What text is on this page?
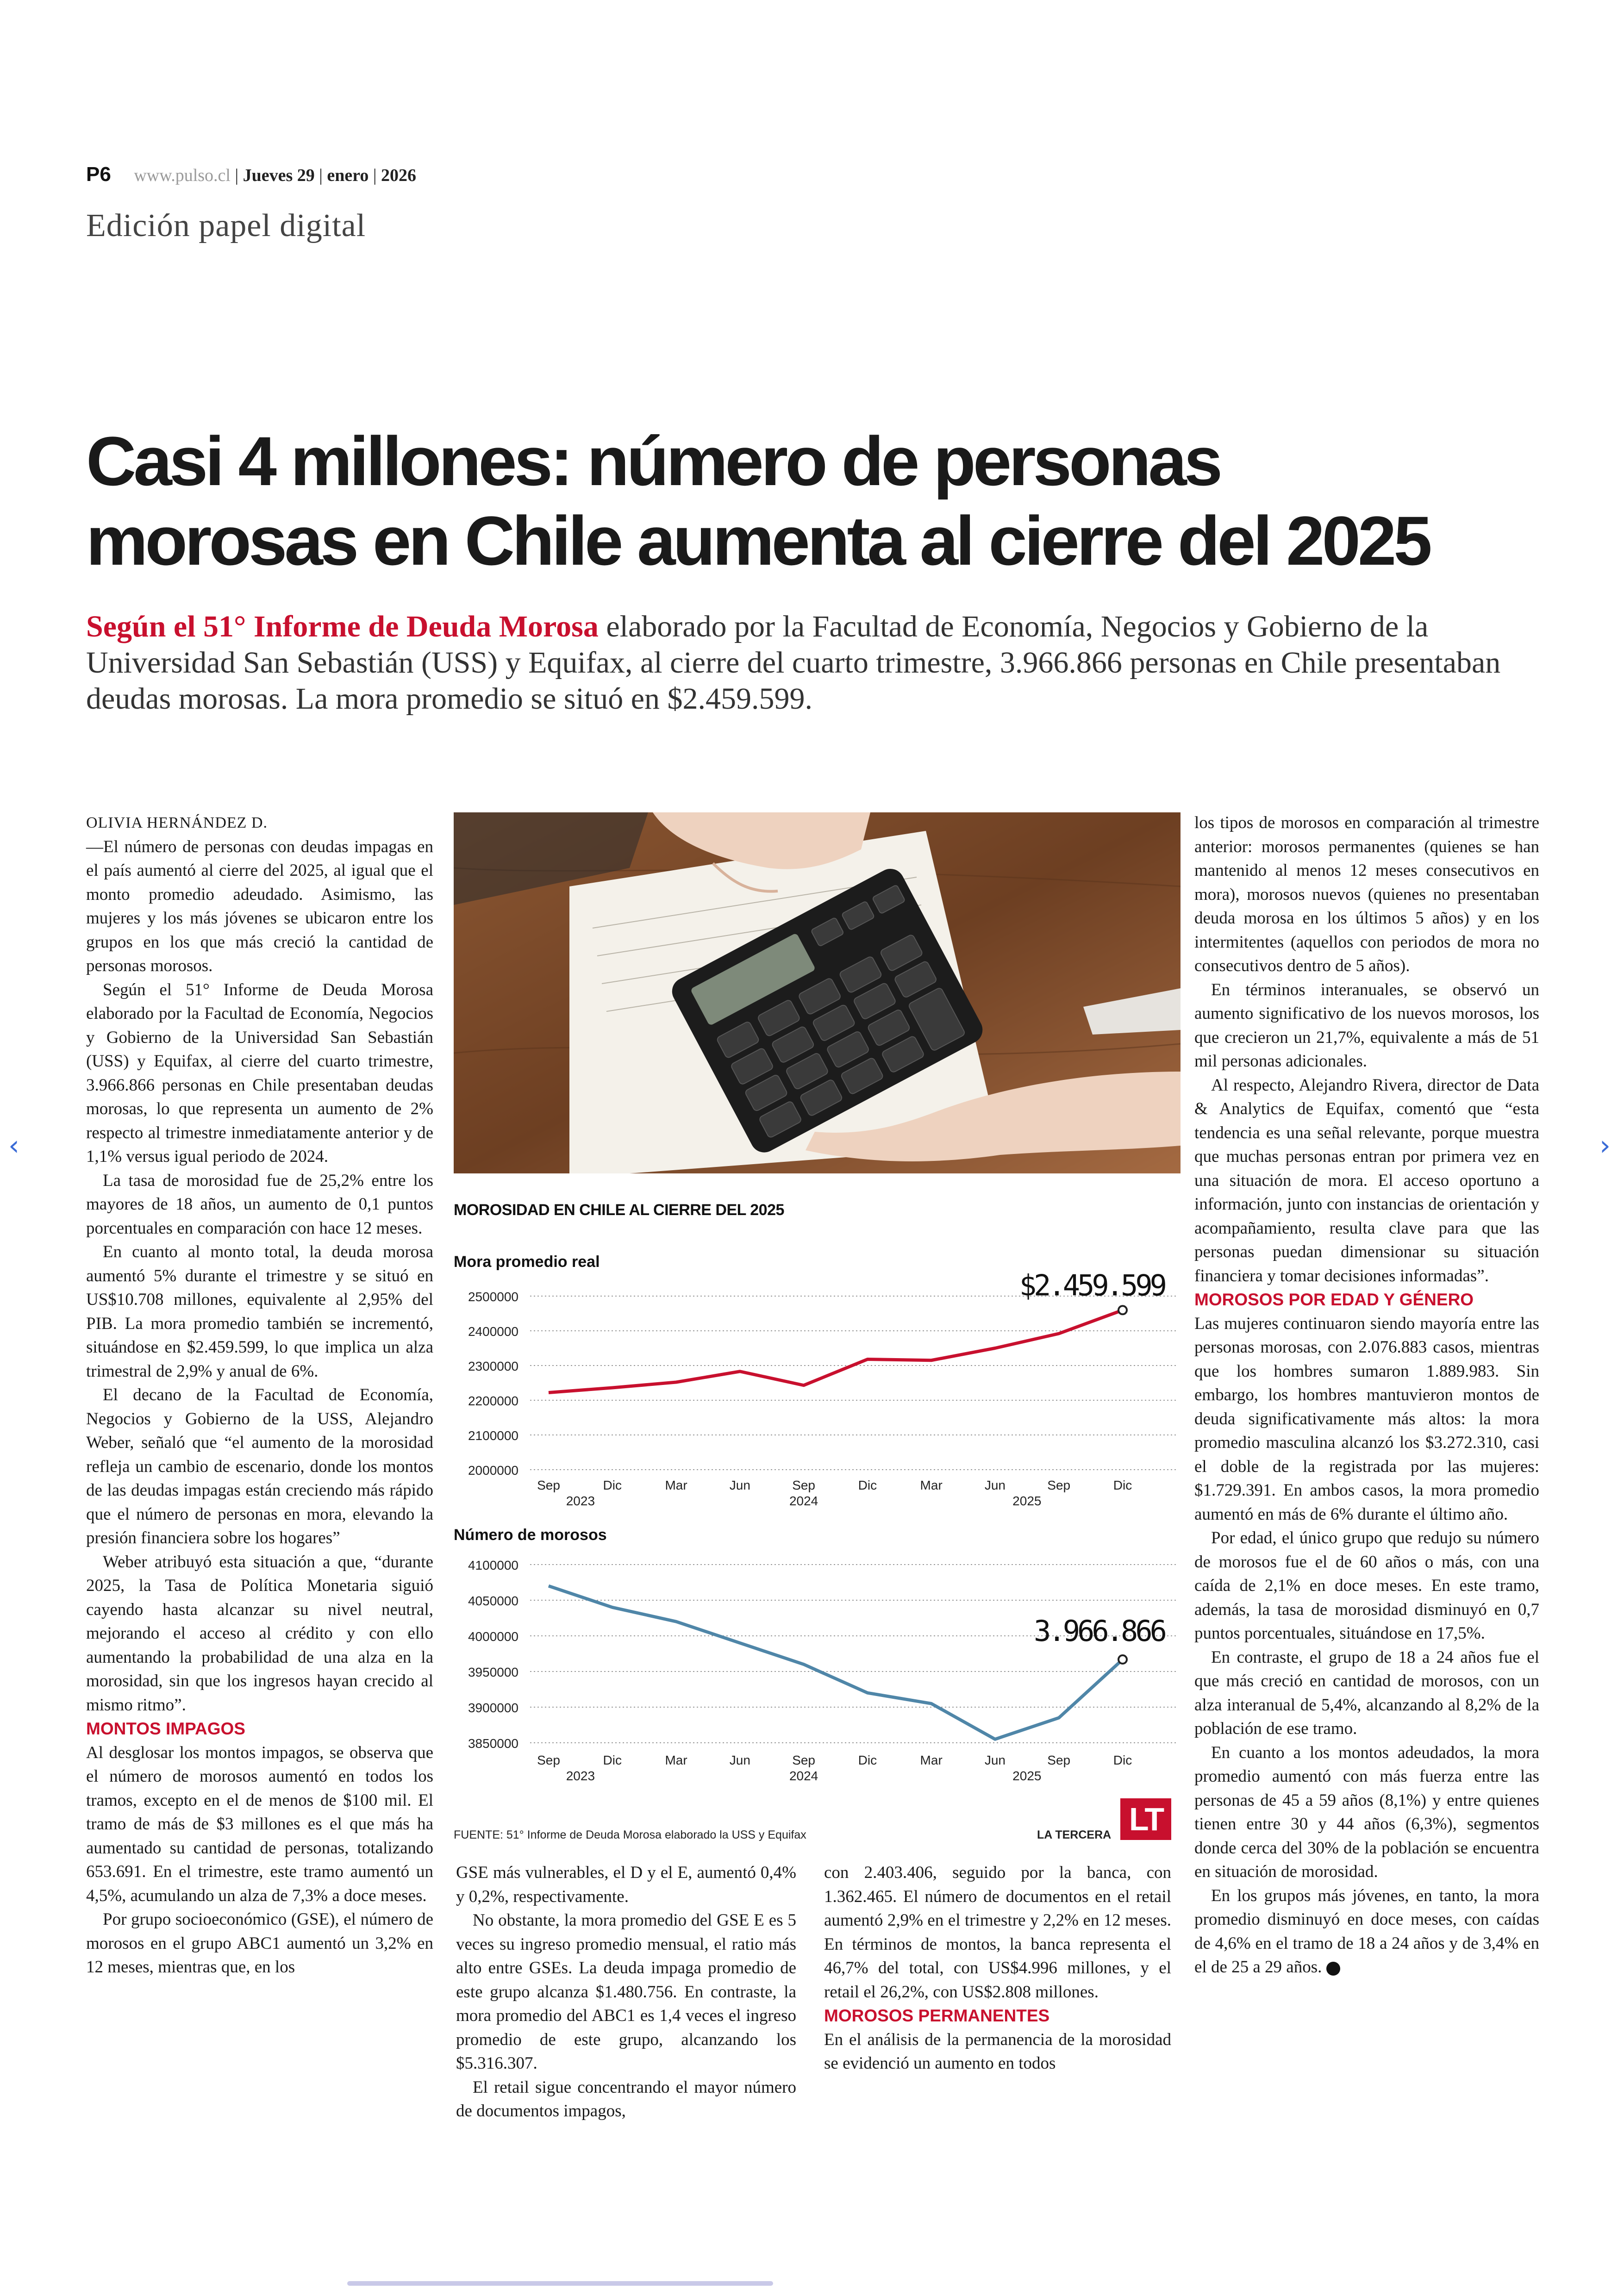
P6 www.pulso.cl | Jueves 29 | enero | 2026
Edición papel digital
Casi 4 millones: número de personas
morosas en Chile aumenta al cierre del 2025
Según el 51° Informe de Deuda Morosa elaborado por la Facultad de Economía, Negocios y Gobierno de la Universidad San Sebastián (USS) y Equifax, al cierre del cuarto trimestre, 3.966.866 personas en Chile presentaban deudas morosas. La mora promedio se situó en $2.459.599.

OLIVIA HERNÁNDEZ D.

—El número de personas con deudas impagas en el país aumentó al cierre del 2025, al igual que el monto promedio adeudado. Asimismo, las mujeres y los más jóvenes se ubicaron entre los grupos en los que más creció la cantidad de personas morosos.

Según el 51° Informe de Deuda Morosa elaborado por la Facultad de Economía, Negocios y Gobierno de la Universidad San Sebastián (USS) y Equifax, al cierre del cuarto trimestre, 3.966.866 personas en Chile presentaban deudas morosas, lo que representa un aumento de 2% respecto al trimestre inmediatamente anterior y de 1,1% versus igual periodo de 2024.

La tasa de morosidad fue de 25,2% entre los mayores de 18 años, un aumento de 0,1 puntos porcentuales en comparación con hace 12 meses.

En cuanto al monto total, la deuda morosa aumentó 5% durante el trimestre y se situó en US$10.708 millones, equivalente al 2,95% del PIB. La mora promedio también se incrementó, situándose en $2.459.599, lo que implica un alza trimestral de 2,9% y anual de 6%.

El decano de la Facultad de Economía, Negocios y Gobierno de la USS, Alejandro Weber, señaló que “el aumento de la morosidad refleja un cambio de escenario, donde los montos de las deudas impagas están creciendo más rápido que el número de personas en mora, elevando la presión financiera sobre los hogares”

Weber atribuyó esta situación a que, “durante 2025, la Tasa de Política Monetaria siguió cayendo hasta alcanzar su nivel neutral, mejorando el acceso al crédito y con ello aumentando la probabilidad de una alza en la morosidad, sin que los ingresos hayan crecido al mismo ritmo”.

MONTOS IMPAGOS

Al desglosar los montos impagos, se observa que el número de morosos aumentó en todos los tramos, excepto en el de menos de $100 mil. El tramo de más de $3 millones es el que más ha aumentado su cantidad de personas, totalizando 653.691. En el trimestre, este tramo aumentó un 4,5%, acumulando un alza de 7,3% a doce meses.

Por grupo socioeconómico (GSE), el número de morosos en el grupo ABC1 aumentó un 3,2% en 12 meses, mientras que, en los

MOROSIDAD EN CHILE AL CIERRE DEL 2025
Mora promedio real
2500000
2400000
2300000
2200000
2100000
2000000
Sep	Dic	Mar	Jun	Sep	Dic	Mar	Jun	Sep	Dic
2023	2024	2025
$2.459.599
Número de morosos
4100000
4050000
4000000
3950000
3900000
3850000
Sep	Dic	Mar	Jun	Sep	Dic	Mar	Jun	Sep	Dic
2023	2024	2025
3.966.866
FUENTE: 51° Informe de Deuda Morosa elaborado la USS y Equifax	LA TERCERA LT

GSE más vulnerables, el D y el E, aumentó 0,4% y 0,2%, respectivamente.

No obstante, la mora promedio del GSE E es 5 veces su ingreso promedio mensual, el ratio más alto entre GSEs. La deuda impaga promedio de este grupo alcanza $1.480.756. En contraste, la mora promedio del ABC1 es 1,4 veces el ingreso promedio de este grupo, alcanzando los $5.316.307.

El retail sigue concentrando el mayor número de documentos impagos,

con 2.403.406, seguido por la banca, con 1.362.465. El número de documentos en el retail aumentó 2,9% en el trimestre y 2,2% en 12 meses. En términos de montos, la banca representa el 46,7% del total, con US$4.996 millones, y el retail el 26,2%, con US$2.808 millones.

MOROSOS PERMANENTES

En el análisis de la permanencia de la morosidad se evidenció un aumento en todos

los tipos de morosos en comparación al trimestre anterior: morosos permanentes (quienes se han mantenido al menos 12 meses consecutivos en mora), morosos nuevos (quienes no presentaban deuda morosa en los últimos 5 años) y en los intermitentes (aquellos con periodos de mora no consecutivos dentro de 5 años).

En términos interanuales, se observó un aumento significativo de los nuevos morosos, los que crecieron un 21,7%, equivalente a más de 51 mil personas adicionales.

Al respecto, Alejandro Rivera, director de Data & Analytics de Equifax, comentó que “esta tendencia es una señal relevante, porque muestra que muchas personas entran por primera vez en una situación de mora. El acceso oportuno a información, junto con instancias de orientación y acompañamiento, resulta clave para que las personas puedan dimensionar su situación financiera y tomar decisiones informadas”.

MOROSOS POR EDAD Y GÉNERO

Las mujeres continuaron siendo mayoría entre las personas morosas, con 2.076.883 casos, mientras que los hombres sumaron 1.889.983. Sin embargo, los hombres mantuvieron montos de deuda significativamente más altos: la mora promedio masculina alcanzó los $3.272.310, casi el doble de la registrada por las mujeres: $1.729.391. En ambos casos, la mora promedio aumentó en más de 6% durante el último año.

Por edad, el único grupo que redujo su número de morosos fue el de 60 años o más, con una caída de 2,1% en doce meses. En este tramo, además, la tasa de morosidad disminuyó en 0,7 puntos porcentuales, situándose en 17,5%.

En contraste, el grupo de 18 a 24 años fue el que más creció en cantidad de morosos, con un alza interanual de 5,4%, alcanzando al 8,2% de la población de ese tramo.

En cuanto a los montos adeudados, la mora promedio aumentó con más fuerza entre las personas de 45 a 59 años (8,1%) y entre quienes tienen entre 30 y 44 años (6,3%), segmentos donde cerca del 30% de la población se encuentra en situación de morosidad.

En los grupos más jóvenes, en tanto, la mora promedio disminuyó en doce meses, con caídas de 4,6% en el tramo de 18 a 24 años y de 3,4% en el de 25 a 29 años. P

‹	›
